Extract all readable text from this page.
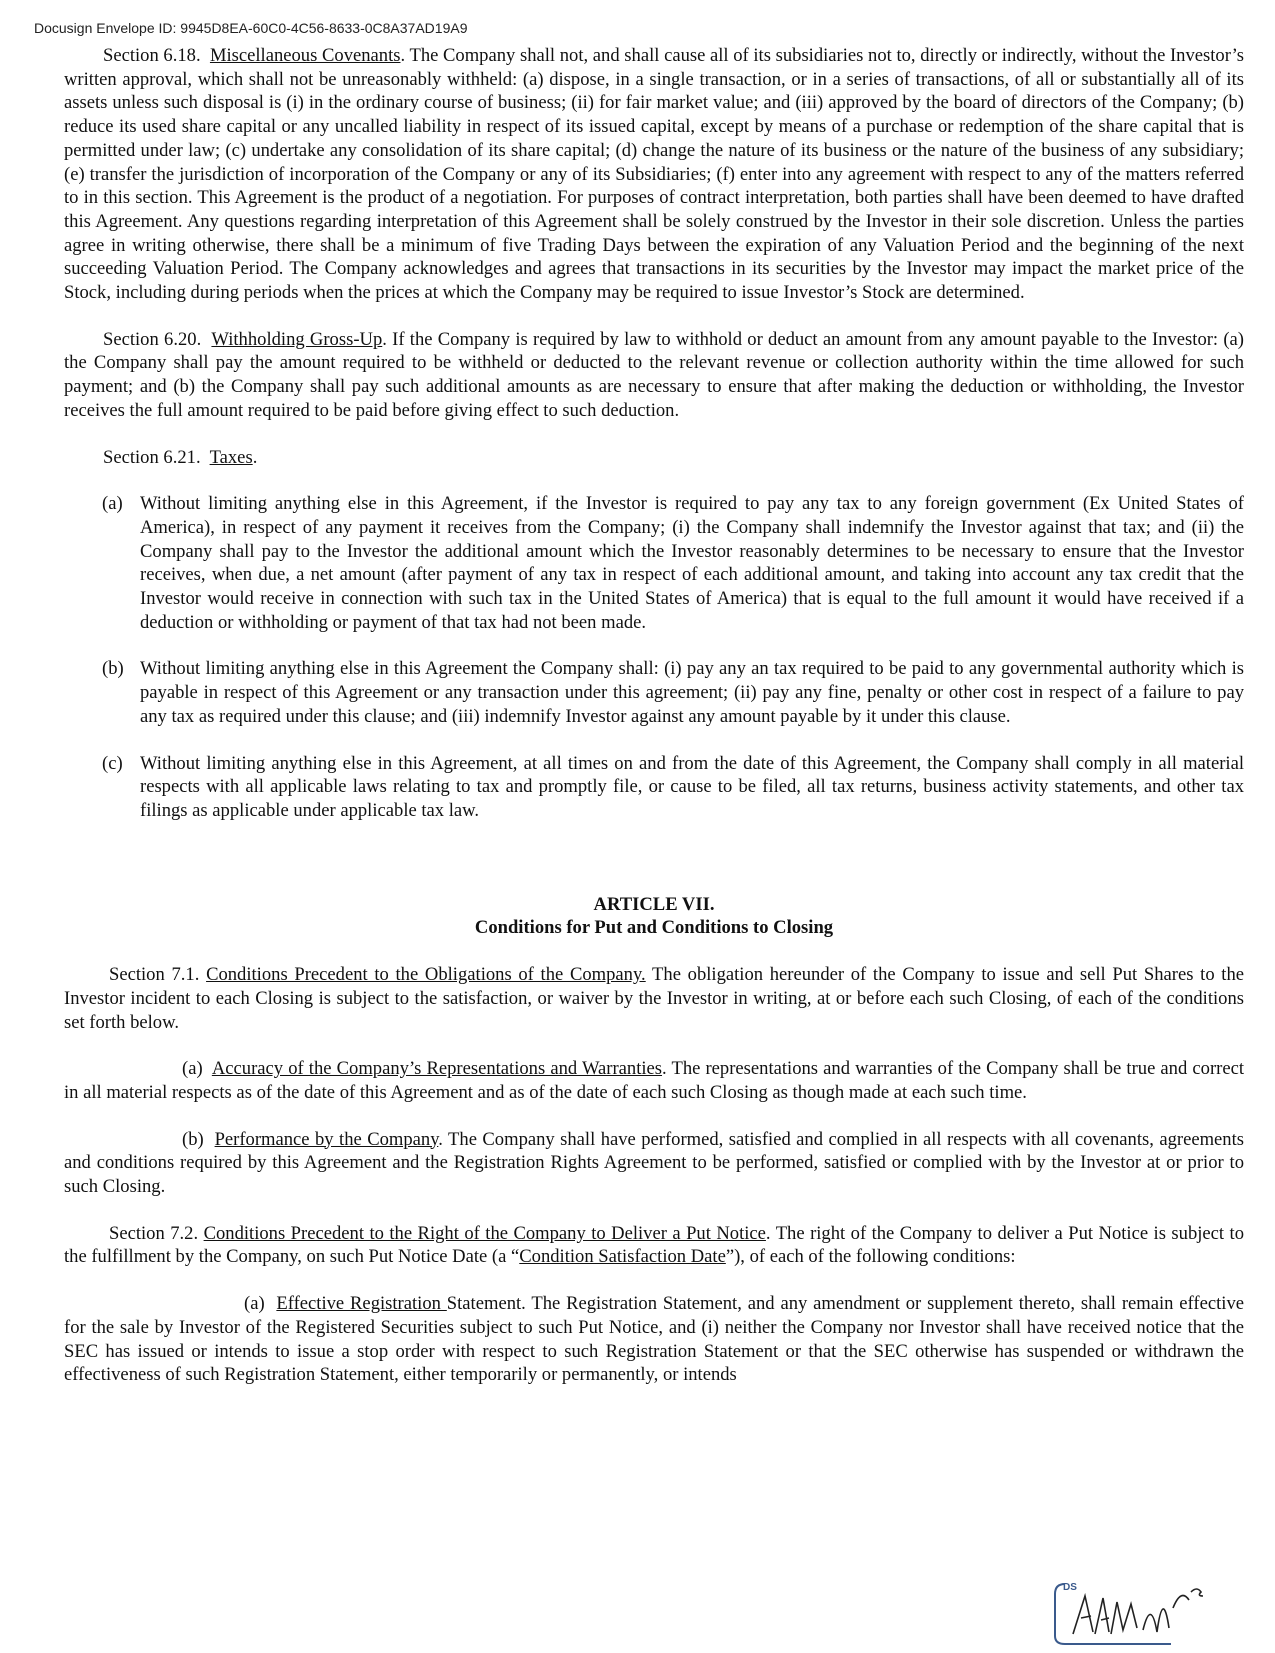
Docusign Envelope ID: 9945D8EA-60C0-4C56-8633-0C8A37AD19A9

Section 6.18. Miscellaneous Covenants. The Company shall not, and shall cause all of its subsidiaries not to, directly or indirectly, without the Investor’s written approval, which shall not be unreasonably withheld: (a) dispose, in a single transaction, or in a series of transactions, of all or substantially all of its assets unless such disposal is (i) in the ordinary course of business; (ii) for fair market value; and (iii) approved by the board of directors of the Company; (b) reduce its used share capital or any uncalled liability in respect of its issued capital, except by means of a purchase or redemption of the share capital that is permitted under law; (c) undertake any consolidation of its share capital; (d) change the nature of its business or the nature of the business of any subsidiary; (e) transfer the jurisdiction of incorporation of the Company or any of its Subsidiaries; (f) enter into any agreement with respect to any of the matters referred to in this section. This Agreement is the product of a negotiation. For purposes of contract interpretation, both parties shall have been deemed to have drafted this Agreement. Any questions regarding interpretation of this Agreement shall be solely construed by the Investor in their sole discretion. Unless the parties agree in writing otherwise, there shall be a minimum of five Trading Days between the expiration of any Valuation Period and the beginning of the next succeeding Valuation Period. The Company acknowledges and agrees that transactions in its securities by the Investor may impact the market price of the Stock, including during periods when the prices at which the Company may be required to issue Investor’s Stock are determined.

Section 6.20. Withholding Gross-Up. If the Company is required by law to withhold or deduct an amount from any amount payable to the Investor: (a) the Company shall pay the amount required to be withheld or deducted to the relevant revenue or collection authority within the time allowed for such payment; and (b) the Company shall pay such additional amounts as are necessary to ensure that after making the deduction or withholding, the Investor receives the full amount required to be paid before giving effect to such deduction.

Section 6.21. Taxes.

(a) Without limiting anything else in this Agreement, if the Investor is required to pay any tax to any foreign government (Ex United States of America), in respect of any payment it receives from the Company; (i) the Company shall indemnify the Investor against that tax; and (ii) the Company shall pay to the Investor the additional amount which the Investor reasonably determines to be necessary to ensure that the Investor receives, when due, a net amount (after payment of any tax in respect of each additional amount, and taking into account any tax credit that the Investor would receive in connection with such tax in the United States of America) that is equal to the full amount it would have received if a deduction or withholding or payment of that tax had not been made.
(b) Without limiting anything else in this Agreement the Company shall: (i) pay any an tax required to be paid to any governmental authority which is payable in respect of this Agreement or any transaction under this agreement; (ii) pay any fine, penalty or other cost in respect of a failure to pay any tax as required under this clause; and (iii) indemnify Investor against any amount payable by it under this clause.
(c) Without limiting anything else in this Agreement, at all times on and from the date of this Agreement, the Company shall comply in all material respects with all applicable laws relating to tax and promptly file, or cause to be filed, all tax returns, business activity statements, and other tax filings as applicable under applicable tax law.
ARTICLE VII.
Conditions for Put and Conditions to Closing

Section 7.1. Conditions Precedent to the Obligations of the Company. The obligation hereunder of the Company to issue and sell Put Shares to the Investor incident to each Closing is subject to the satisfaction, or waiver by the Investor in writing, at or before each such Closing, of each of the conditions set forth below.

(a) Accuracy of the Company’s Representations and Warranties. The representations and warranties of the Company shall be true and correct in all material respects as of the date of this Agreement and as of the date of each such Closing as though made at each such time.

(b) Performance by the Company. The Company shall have performed, satisfied and complied in all respects with all covenants, agreements and conditions required by this Agreement and the Registration Rights Agreement to be performed, satisfied or complied with by the Investor at or prior to such Closing.

Section 7.2. Conditions Precedent to the Right of the Company to Deliver a Put Notice. The right of the Company to deliver a Put Notice is subject to the fulfillment by the Company, on such Put Notice Date (a “Condition Satisfaction Date”), of each of the following conditions:

(a) Effective Registration Statement. The Registration Statement, and any amendment or supplement thereto, shall remain effective for the sale by Investor of the Registered Securities subject to such Put Notice, and (i) neither the Company nor Investor shall have received notice that the SEC has issued or intends to issue a stop order with respect to such Registration Statement or that the SEC otherwise has suspended or withdrawn the effectiveness of such Registration Statement, either temporarily or permanently, or intends

DS
